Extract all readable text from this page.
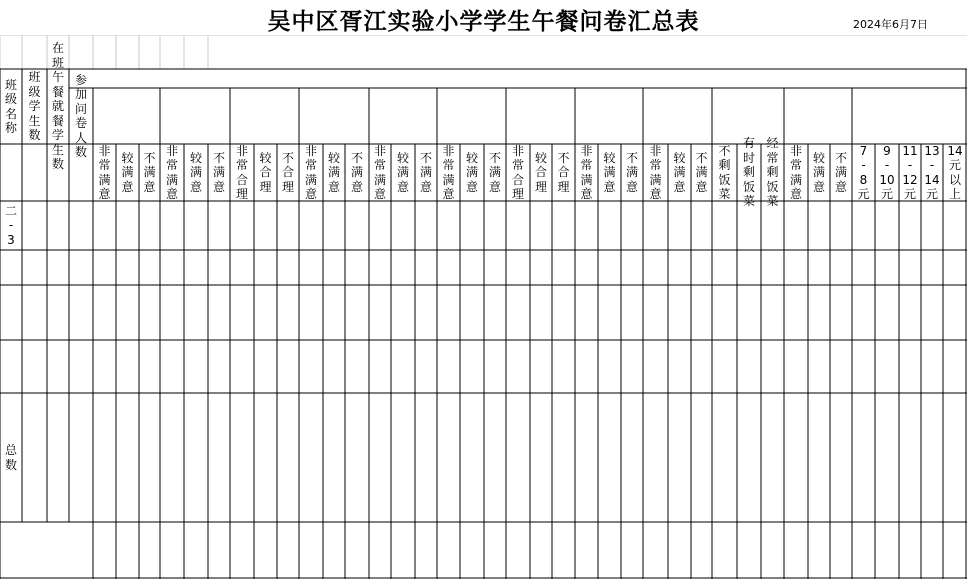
吴中区胥江实验小学学生午餐问卷汇总表	2024年6月7日
班
级
名
称
班
级
学
生
数
在
班
午
餐
就
餐
学
生
数
参
加
问
卷
人
数 非
常
满
意
较
满
意
不
满
意
非
常
满
意
较
满
意
不
满
意
非
常
合
理
较
合
理
不
合
理
非
常
满
意
较
满
意
不
满
意
非
常
满
意
较
满
意
不
满
意
非
常
满
意
较
满
意
不
满
意
非
常
合
理
较
合
理
不
合
理
非
常
满
意
较
满
意
不
满
意
非
常
满
意
较
满
意
不
满
意
不
剩
饭
菜
有
时
剩
饭
菜
经
常
剩
饭
菜
非
常
满
意
较
满
意
不
满
意
7
-
8
元
9
-
10
元
11
-
12
元
13
-
14
元
14
元
以
上
二
-
3
总
数
